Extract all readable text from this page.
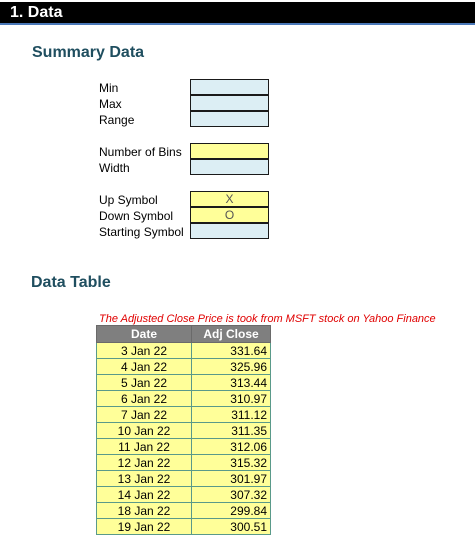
1. Data
Summary Data
Min
Max
Range
Number of Bins
Width
Up Symbol	X
Down Symbol	O
Starting Symbol
Data Table
The Adjusted Close Price is took from MSFT stock on Yahoo Finance
Date	Adj Close
3 Jan 22	331.64
4 Jan 22	325.96
5 Jan 22	313.44
6 Jan 22	310.97
7 Jan 22	311.12
10 Jan 22	311.35
11 Jan 22	312.06
12 Jan 22	315.32
13 Jan 22	301.97
14 Jan 22	307.32
18 Jan 22	299.84
19 Jan 22	300.51
